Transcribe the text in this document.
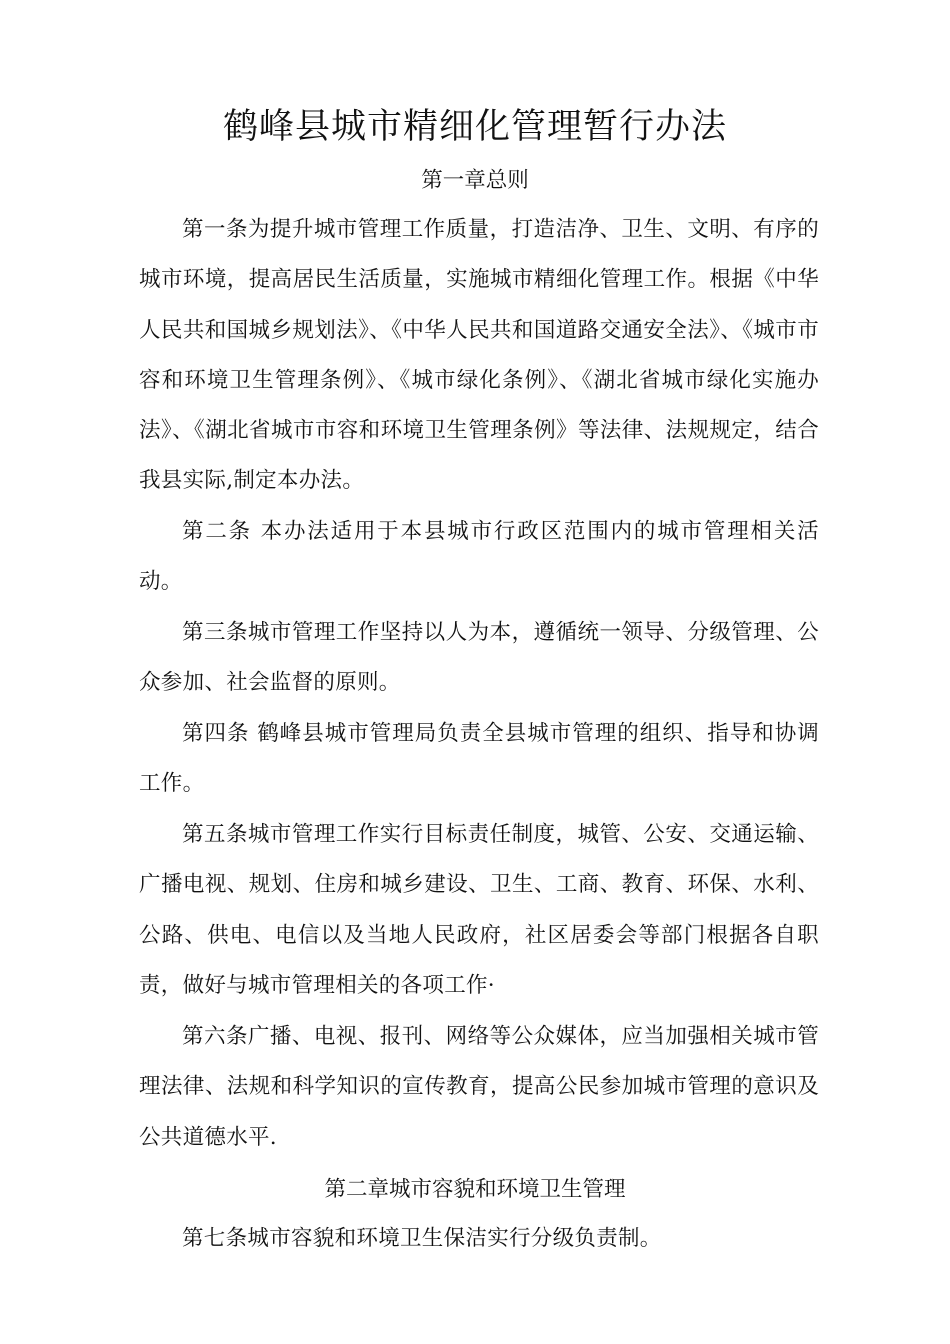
鹤峰县城市精细化管理暂行办法
第一章总则

第一条为提升城市管理工作质量，打造洁净、卫生、文明、有序的城市环境，提高居民生活质量，实施城市精细化管理工作。根据《中华人民共和国城乡规划法》、《中华人民共和国道路交通安全法》、《城市市容和环境卫生管理条例》、《城市绿化条例》、《湖北省城市绿化实施办法》、《湖北省城市市容和环境卫生管理条例》等法律、法规规定，结合我县实际,制定本办法。

第二条 本办法适用于本县城市行政区范围内的城市管理相关活动。

第三条城市管理工作坚持以人为本，遵循统一领导、分级管理、公众参加、社会监督的原则。

第四条 鹤峰县城市管理局负责全县城市管理的组织、指导和协调工作。

第五条城市管理工作实行目标责任制度，城管、公安、交通运输、广播电视、规划、住房和城乡建设、卫生、工商、教育、环保、水利、公路、供电、电信以及当地人民政府，社区居委会等部门根据各自职责，做好与城市管理相关的各项工作·

第六条广播、电视、报刊、网络等公众媒体，应当加强相关城市管理法律、法规和科学知识的宣传教育，提高公民参加城市管理的意识及公共道德水平.

第二章城市容貌和环境卫生管理

第七条城市容貌和环境卫生保洁实行分级负责制。
